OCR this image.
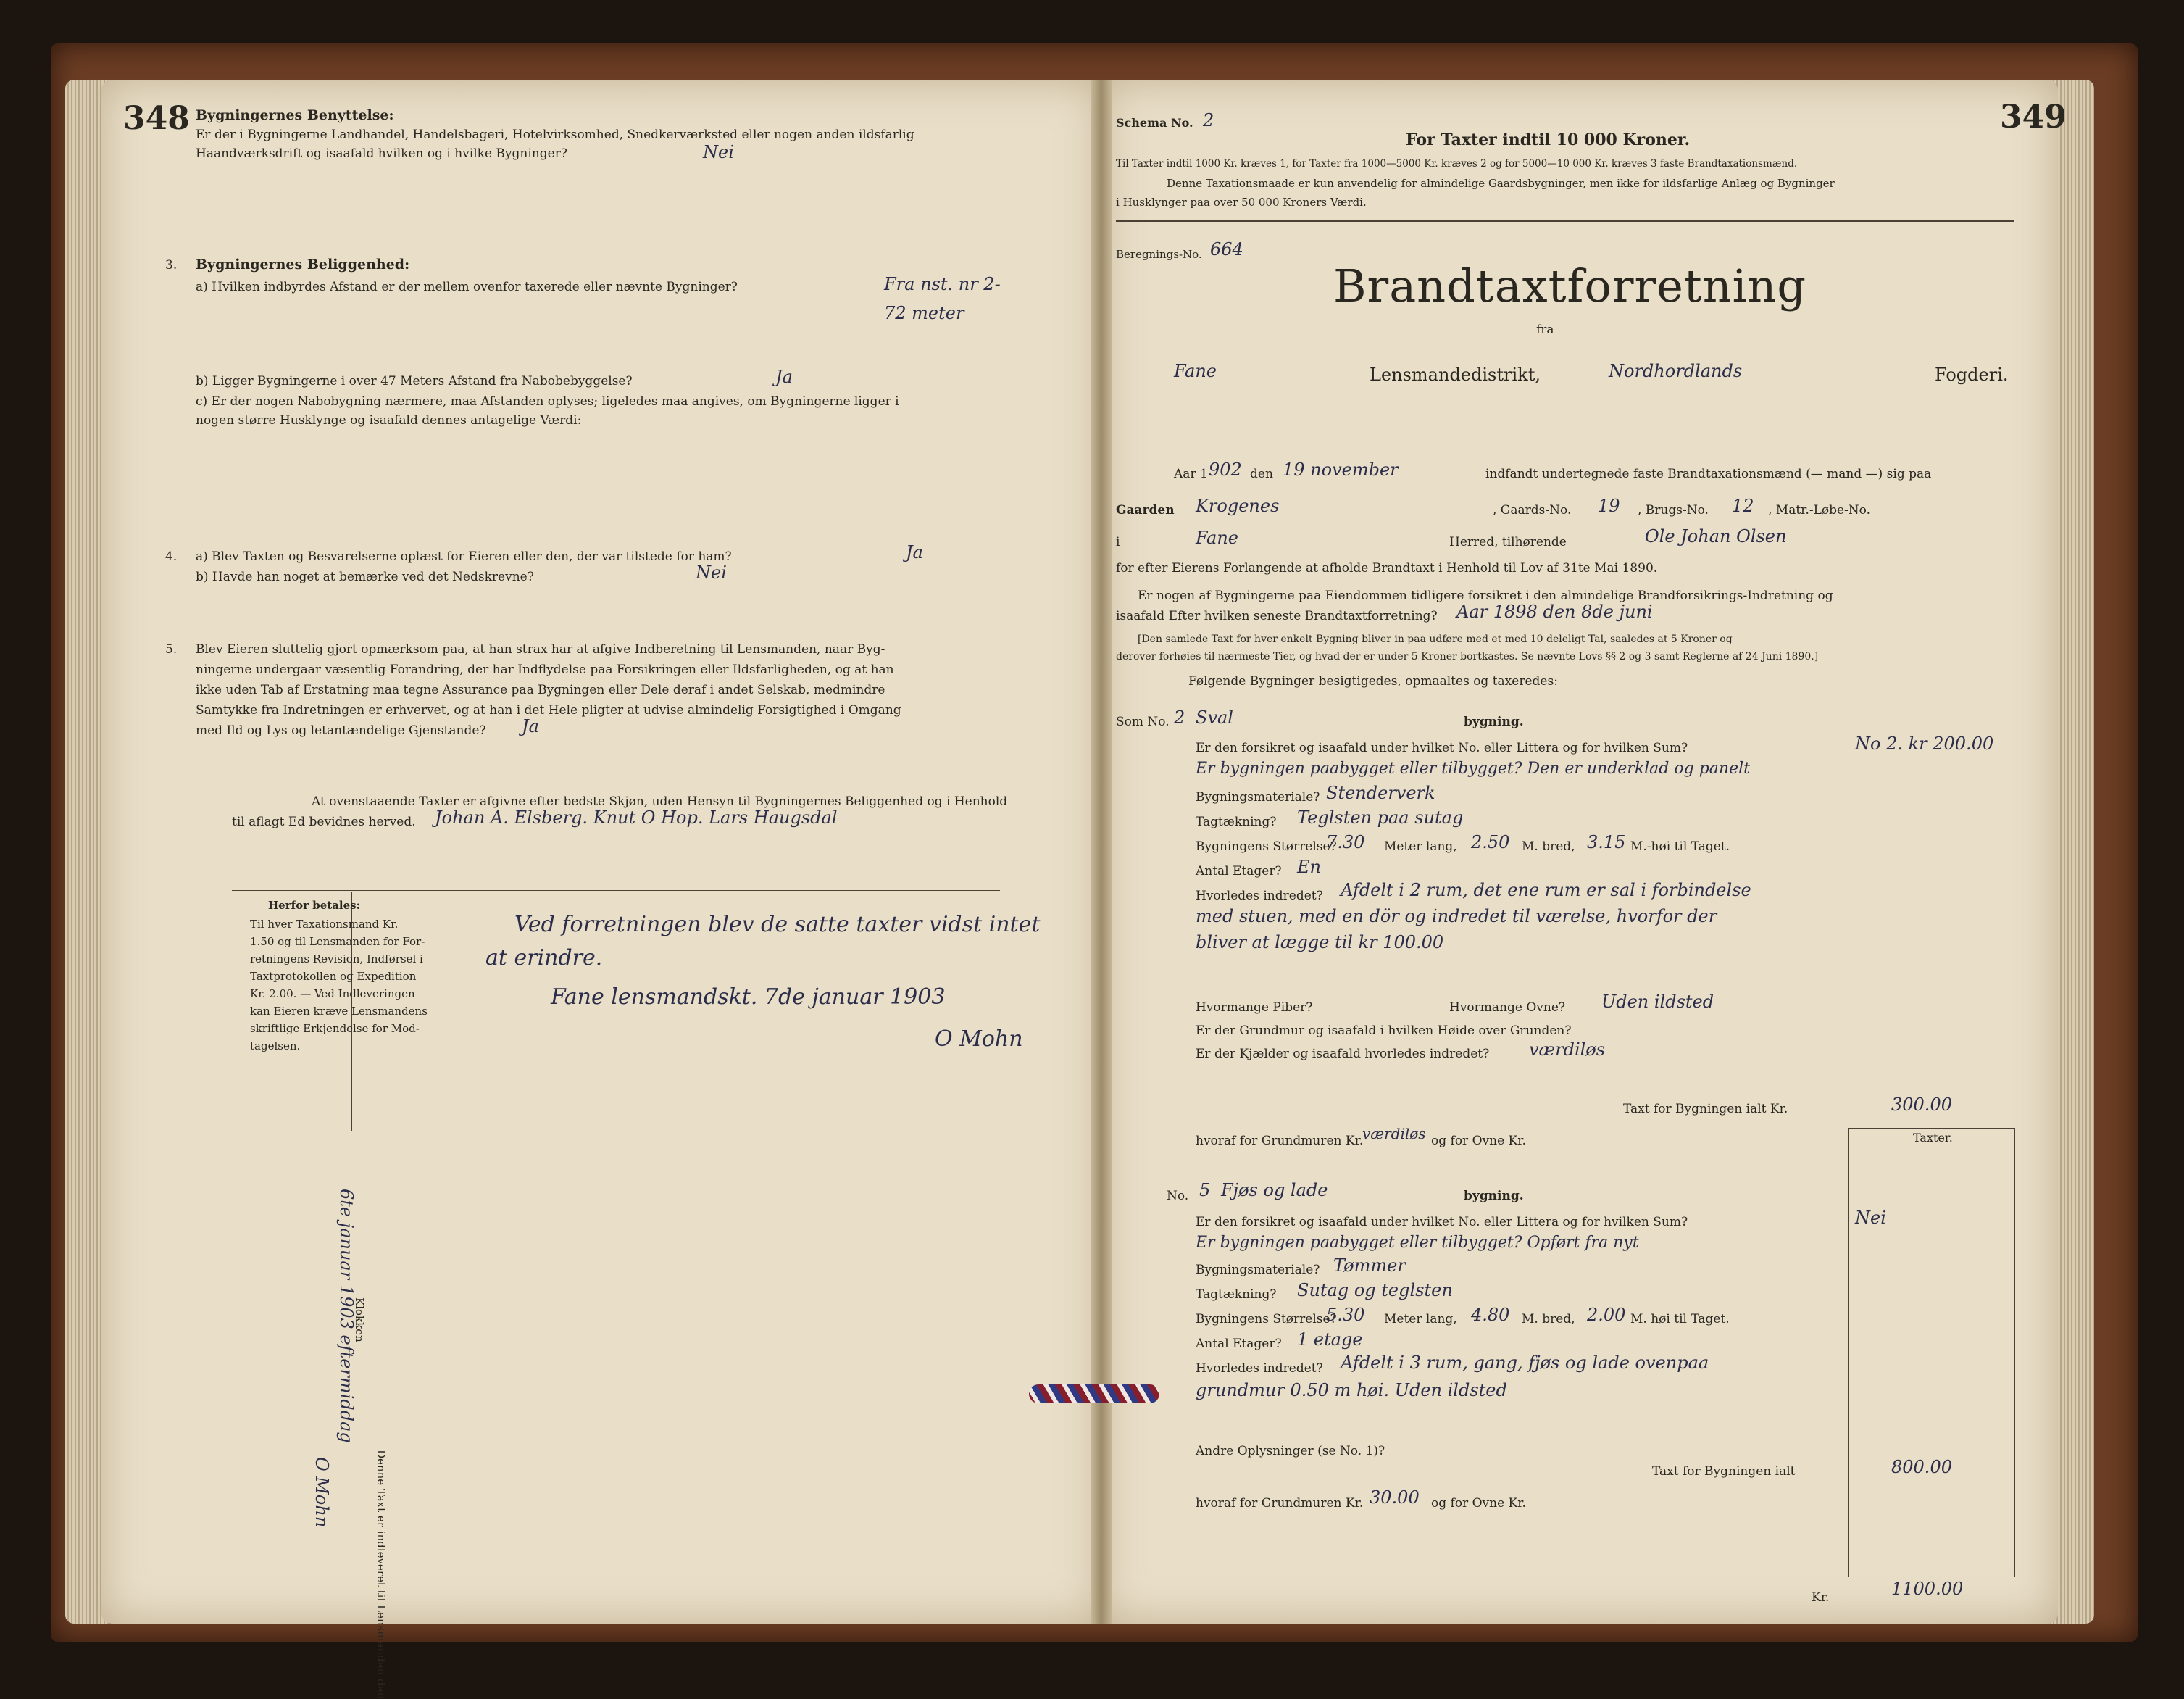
348 Bygningernes Benyttelse:
Er der i Bygningerne Landhandel, Handelsbageri, Hotelvirksomhed, Snedkerværksted eller nogen anden ildsfarlig
Haandværksdrift og isaafald hvilken og i hvilke Bygninger?	Nei
3. Bygningernes Beliggenhed:
a) Hvilken indbyrdes Afstand er der mellem ovenfor taxerede eller nævnte Bygninger?	Fra nst. nr 2-
72 meter
b) Ligger Bygningerne i over 47 Meters Afstand fra Nabobebyggelse?	Ja
c) Er der nogen Nabobygning nærmere, maa Afstanden oplyses; ligeledes maa angives, om Bygningerne ligger i
nogen større Husklynge og isaafald dennes antagelige Værdi:
4. a) Blev Taxten og Besvarelserne oplæst for Eieren eller den, der var tilstede for ham?	Ja
b) Havde han noget at bemærke ved det Nedskrevne?	Nei
5. Blev Eieren sluttelig gjort opmærksom paa, at han strax har at afgive Indberetning til Lensmanden, naar Byg-
ningerne undergaar væsentlig Forandring, der har Indflydelse paa Forsikringen eller Ildsfarligheden, og at han
ikke uden Tab af Erstatning maa tegne Assurance paa Bygningen eller Dele deraf i andet Selskab, medmindre
Samtykke fra Indretningen er erhvervet, og at han i det Hele pligter at udvise almindelig Forsigtighed i Omgang
med Ild og Lys og letantændelige Gjenstande? Ja
At ovenstaaende Taxter er afgivne efter bedste Skjøn, uden Hensyn til Bygningernes Beliggenhed og i Henhold
til aflagt Ed bevidnes herved. Johan A. Elsberg. Knut O Hop. Lars Haugsdal
Herfor betales:
Til hver Taxationsmand Kr.
1.50 og til Lensmanden for For-
retningens Revision, Indførsel i
Taxtprotokollen og Expedition
Kr. 2.00. — Ved Indleveringen
kan Eieren kræve Lensmandens
skriftlige Erkjendelse for Mod-
tagelsen.
Ved forretningen blev de satte taxter vidst intet
at erindre.
Fane lensmandskt. 7de januar 1903
O Mohn
Denne Taxt er indleveret til Lensmanden den
Klokken
6te januar 1903 eftermiddag
O Mohn
Schema No. 2
For Taxter indtil 10 000 Kroner.
349
Til Taxter indtil 1000 Kr. kræves 1, for Taxter fra 1000—5000 Kr. kræves 2 og for 5000—10 000 Kr. kræves 3 faste Brandtaxationsmænd.
Denne Taxationsmaade er kun anvendelig for almindelige Gaardsbygninger, men ikke for ildsfarlige Anlæg og Bygninger
i Husklynger paa over 50 000 Kroners Værdi.
Beregnings-No. 664
Brandtaxtforretning
fra
Fane	Lensmandedistrikt,	Nordhordlands	Fogderi.
Aar 1 902 den 19 november	indfandt undertegnede faste Brandtaxationsmænd (— mand —) sig paa
Gaarden Krogenes	, Gaards-No. 19 , Brugs-No. 12 , Matr.-Løbe-No.
i	Fane	Herred, tilhørende	Ole Johan Olsen
for efter Eierens Forlangende at afholde Brandtaxt i Henhold til Lov af 31te Mai 1890.
Er nogen af Bygningerne paa Eiendommen tidligere forsikret i den almindelige Brandforsikrings-Indretning og
isaafald Efter hvilken seneste Brandtaxtforretning? Aar 1898 den 8de juni
[Den samlede Taxt for hver enkelt Bygning bliver in paa udføre med et med 10 deleligt Tal, saaledes at 5 Kroner og
derover forhøies til nærmeste Tier, og hvad der er under 5 Kroner bortkastes. Se nævnte Lovs §§ 2 og 3 samt Reglerne af 24 Juni 1890.]
Følgende Bygninger besigtigedes, opmaaltes og taxeredes:
Som No. 2 Sval	bygning.
Er den forsikret og isaafald under hvilket No. eller Littera og for hvilken Sum?	No 2. kr 200.00
Er bygningen paabygget eller tilbygget? Den er underklad og panelt
Bygningsmateriale? Stenderverk
Tagtækning? Teglsten paa sutag
Bygningens Størrelse?
7.30 Meter lang, 2.50 M. bred, 3.15 M.-høi til Taget.
Antal Etager? En
Hvorledes indredet? Afdelt i 2 rum, det ene rum er sal i forbindelse
med stuen, med en dör og indredet til værelse, hvorfor der
bliver at lægge til kr 100.00
Hvormange Piber?	Hvormange Ovne? Uden ildsted
Er der Grundmur og isaafald i hvilken Høide over Grunden?
Er der Kjælder og isaafald hvorledes indredet? værdiløs
Taxt for Bygningen ialt Kr.	300.00
hvoraf for Grundmuren Kr.
værdiløs og for Ovne Kr.
No. 5 Fjøs og lade	bygning.
Er den forsikret og isaafald under hvilket No. eller Littera og for hvilken Sum?	Nei
Er bygningen paabygget eller tilbygget? Opført fra nyt
Bygningsmateriale? Tømmer
Tagtækning? Sutag og teglsten
Bygningens Størrelse?
5.30 Meter lang, 4.80 M. bred, 2.00 M. høi til Taget.
Antal Etager? 1 etage
Hvorledes indredet? Afdelt i 3 rum, gang, fjøs og lade ovenpaa
grundmur 0.50 m høi. Uden ildsted
Andre Oplysninger (se No. 1)?
Taxt for Bygningen ialt	800.00
hvoraf for Grundmuren Kr. 30.00 og for Ovne Kr.
Taxter.
Kr.	1100.00
